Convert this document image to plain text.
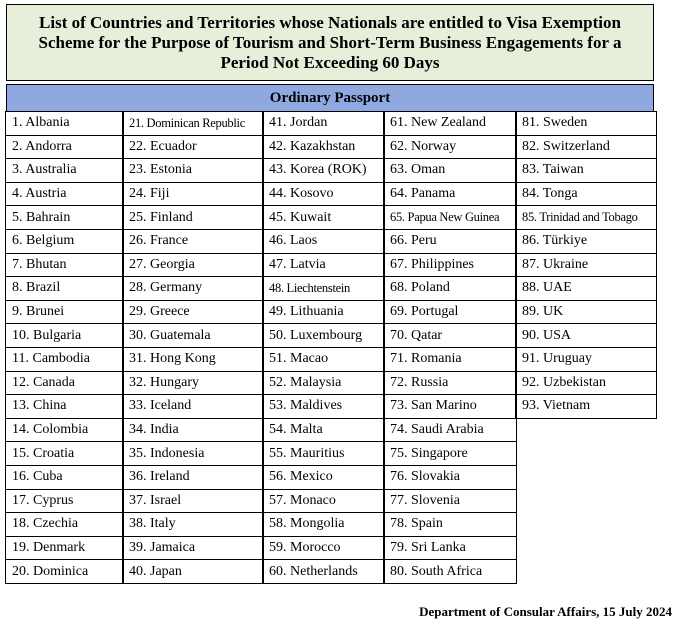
List of Countries and Territories whose Nationals are entitled to Visa Exemption Scheme for the Purpose of Tourism and Short-Term Business Engagements for a Period Not Exceeding 60 Days
Ordinary Passport
1. Albania
2. Andorra
3. Australia
4. Austria
5. Bahrain
6. Belgium
7. Bhutan
8. Brazil
9. Brunei
10. Bulgaria
11. Cambodia
12. Canada
13. China
14. Colombia
15. Croatia
16. Cuba
17. Cyprus
18. Czechia
19. Denmark
20. Dominica
21. Dominican Republic
22. Ecuador
23. Estonia
24. Fiji
25. Finland
26. France
27. Georgia
28. Germany
29. Greece
30. Guatemala
31. Hong Kong
32. Hungary
33. Iceland
34. India
35. Indonesia
36. Ireland
37. Israel
38. Italy
39. Jamaica
40. Japan
41. Jordan
42. Kazakhstan
43. Korea (ROK)
44. Kosovo
45. Kuwait
46. Laos
47. Latvia
48. Liechtenstein
49. Lithuania
50. Luxembourg
51. Macao
52. Malaysia
53. Maldives
54. Malta
55. Mauritius
56. Mexico
57. Monaco
58. Mongolia
59. Morocco
60. Netherlands
61. New Zealand
62. Norway
63. Oman
64. Panama
65. Papua New Guinea
66. Peru
67. Philippines
68. Poland
69. Portugal
70. Qatar
71. Romania
72. Russia
73. San Marino
74. Saudi Arabia
75. Singapore
76. Slovakia
77. Slovenia
78. Spain
79. Sri Lanka
80. South Africa
81. Sweden
82. Switzerland
83. Taiwan
84. Tonga
85. Trinidad and Tobago
86. Türkiye
87. Ukraine
88. UAE
89. UK
90. USA
91. Uruguay
92. Uzbekistan
93. Vietnam
Department of Consular Affairs, 15 July 2024
